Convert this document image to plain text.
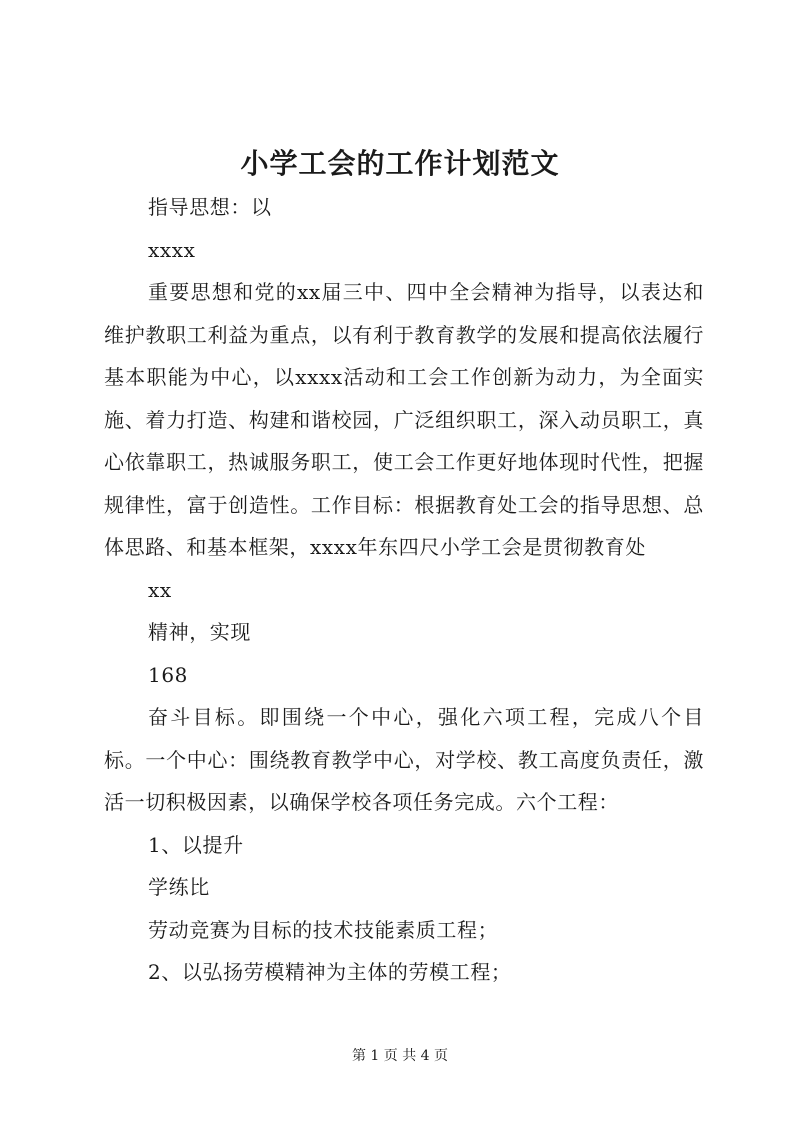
小学工会的工作计划范文

指导思想：以

xxxx

重要思想和党的xx届三中、四中全会精神为指导，以表达和维护教职工利益为重点，以有利于教育教学的发展和提高依法履行基本职能为中心，以xxxx活动和工会工作创新为动力，为全面实施、着力打造、构建和谐校园，广泛组织职工，深入动员职工，真心依靠职工，热诚服务职工，使工会工作更好地体现时代性，把握规律性，富于创造性。工作目标：根据教育处工会的指导思想、总体思路、和基本框架，xxxx年东四尺小学工会是贯彻教育处

xx

精神，实现

168

奋斗目标。即围绕一个中心，强化六项工程，完成八个目标。一个中心：围绕教育教学中心，对学校、教工高度负责任，激活一切积极因素，以确保学校各项任务完成。六个工程：

1、以提升

学练比

劳动竞赛为目标的技术技能素质工程；

2、以弘扬劳模精神为主体的劳模工程；

第 1 页 共 4 页
